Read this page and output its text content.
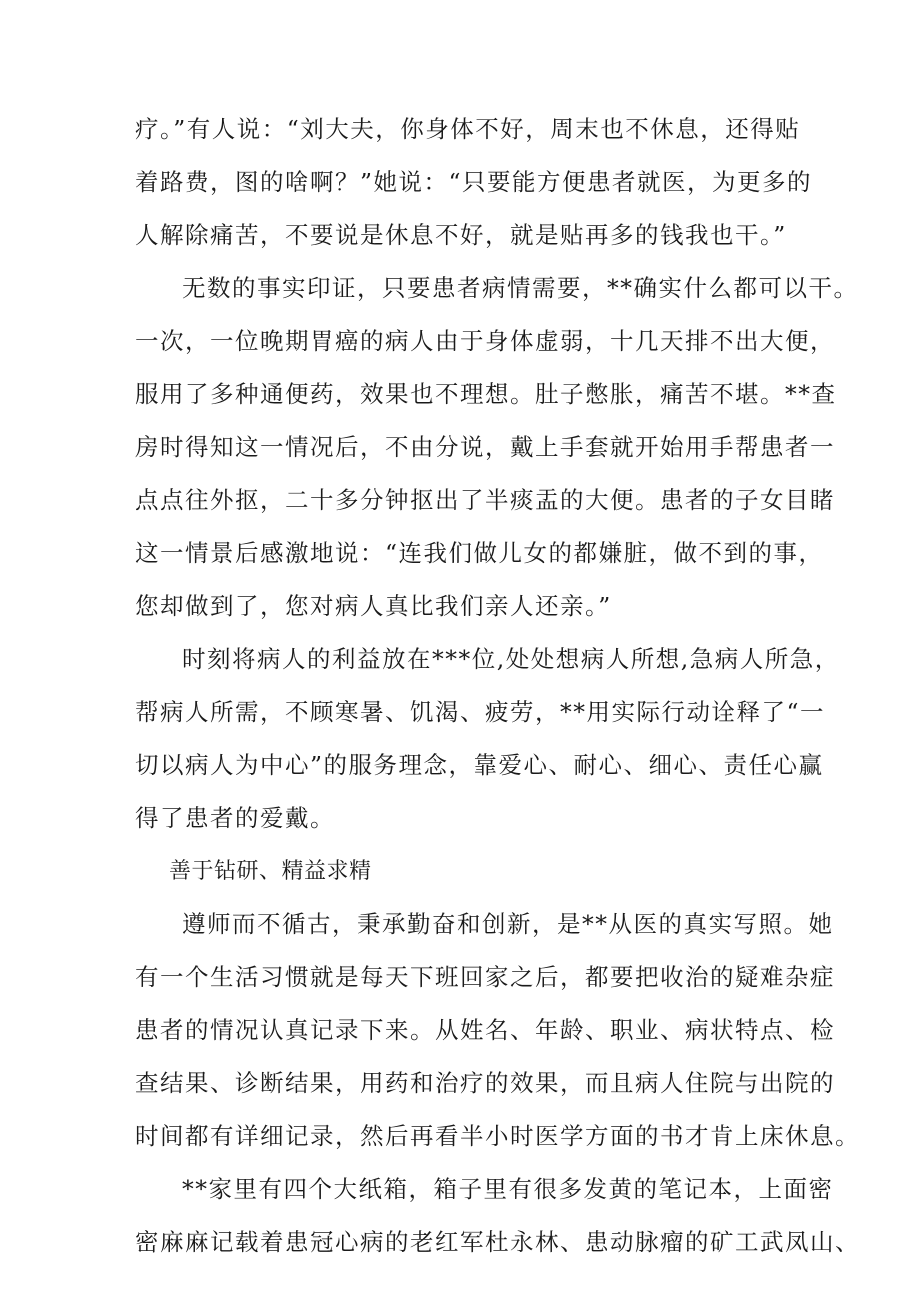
疗。”有人说：“刘大夫，你身体不好，周末也不休息，还得贴
着路费，图的啥啊？”她说：“只要能方便患者就医，为更多的
人解除痛苦，不要说是休息不好，就是贴再多的钱我也干。”
无数的事实印证，只要患者病情需要，**确实什么都可以干。
一次，一位晚期胃癌的病人由于身体虚弱，十几天排不出大便，
服用了多种通便药，效果也不理想。肚子憋胀，痛苦不堪。**查
房时得知这一情况后，不由分说，戴上手套就开始用手帮患者一
点点往外抠，二十多分钟抠出了半痰盂的大便。患者的子女目睹
这一情景后感激地说：“连我们做儿女的都嫌脏，做不到的事，
您却做到了，您对病人真比我们亲人还亲。”
时刻将病人的利益放在***位,处处想病人所想,急病人所急，
帮病人所需，不顾寒暑、饥渴、疲劳，**用实际行动诠释了“一
切以病人为中心”的服务理念，靠爱心、耐心、细心、责任心赢
得了患者的爱戴。
善于钻研、精益求精
遵师而不循古，秉承勤奋和创新，是**从医的真实写照。她
有一个生活习惯就是每天下班回家之后，都要把收治的疑难杂症
患者的情况认真记录下来。从姓名、年龄、职业、病状特点、检
查结果、诊断结果，用药和治疗的效果，而且病人住院与出院的
时间都有详细记录，然后再看半小时医学方面的书才肯上床休息。
**家里有四个大纸箱，箱子里有很多发黄的笔记本，上面密
密麻麻记载着患冠心病的老红军杜永林、患动脉瘤的矿工武凤山、
